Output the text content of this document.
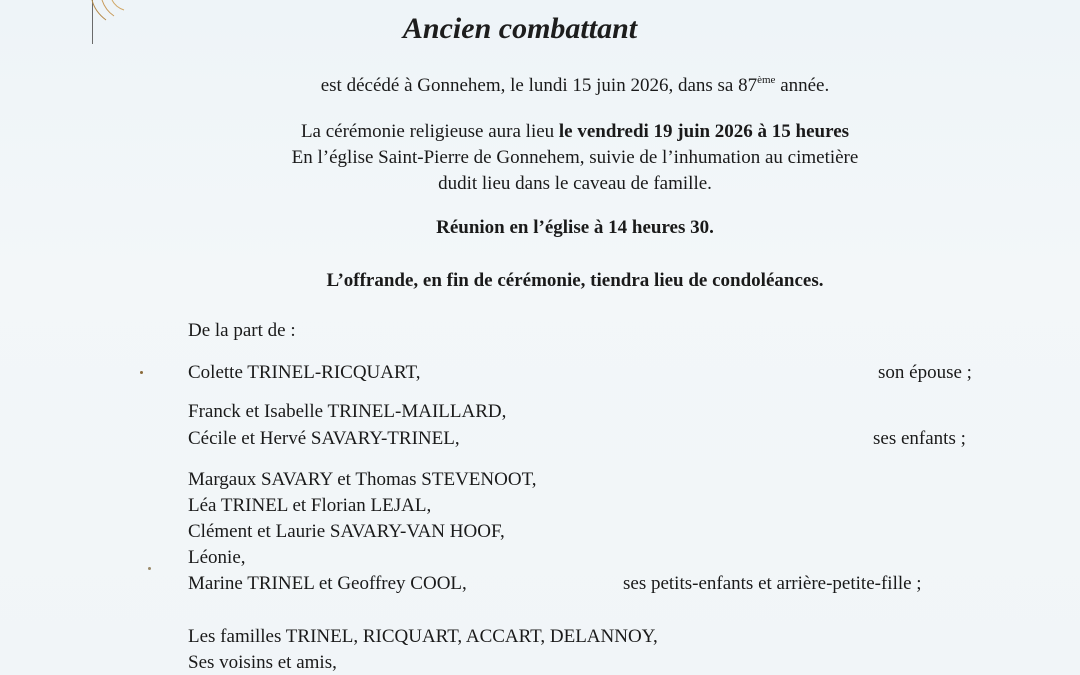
Ancien combattant
est décédé à Gonnehem, le lundi 15 juin 2026, dans sa 87ème année.
La cérémonie religieuse aura lieu le vendredi 19 juin 2026 à 15 heures
En l’église Saint-Pierre de Gonnehem, suivie de l’inhumation au cimetière
dudit lieu dans le caveau de famille.
Réunion en l’église à 14 heures 30.
L’offrande, en fin de cérémonie, tiendra lieu de condoléances.
De la part de :
Colette TRINEL-RICQUART,	son épouse ;
Franck et Isabelle TRINEL-MAILLARD,
Cécile et Hervé SAVARY-TRINEL,	ses enfants ;
Margaux SAVARY et Thomas STEVENOOT,
Léa TRINEL et Florian LEJAL,
Clément et Laurie SAVARY-VAN HOOF,
Léonie,
Marine TRINEL et Geoffrey COOL,	ses petits-enfants et arrière-petite-fille ;
Les familles TRINEL, RICQUART, ACCART, DELANNOY,
Ses voisins et amis,
